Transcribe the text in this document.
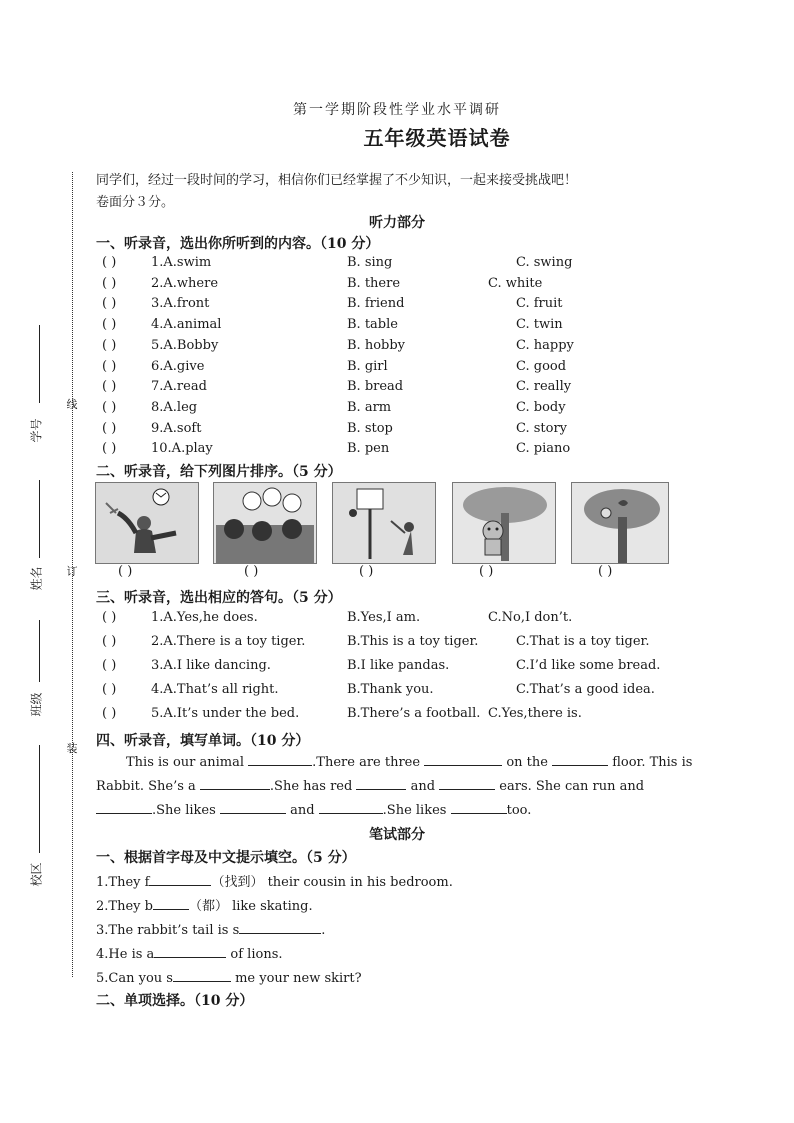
线
订
装
学号
姓名
班级
校区
第一学期阶段性学业水平调研
五年级英语试卷
同学们，经过一段时间的学习，相信你们已经掌握了不少知识，一起来接受挑战吧！
卷面分３分。
听力部分
一、听录音，选出你所听到的内容。（10 分）
( )	1.A.swim	B. sing	C. swing
( )	2.A.where	B. there	C. white
( )	3.A.front	B. friend	C. fruit
( )	4.A.animal	B. table	C. twin
( )	5.A.Bobby	B. hobby	C. happy
( )	6.A.give	B. girl	C. good
( )	7.A.read	B. bread	C. really
( )	8.A.leg	B. arm	C. body
( )	9.A.soft	B. stop	C. story
( )	10.A.play	B. pen	C. piano
二、听录音，给下列图片排序。（5 分）
( )	( )	( )	( )	( )
三、听录音，选出相应的答句。（5 分）
( )	1.A.Yes,he does.	B.Yes,I am.	C.No,I don’t.
( )	2.A.There is a toy tiger.	B.This is a toy tiger.	C.That is a toy tiger.
( )	3.A.I like dancing.	B.I like pandas.	C.I’d like some bread.
( )	4.A.That’s all right.	B.Thank you.	C.That’s a good idea.
( )	5.A.It’s under the bed.	B.There’s a football. C.Yes,there is.
四、听录音，填写单词。（10 分）
This is our animal	.There are three	on the	floor. This is
Rabbit. She’s a	.She has red	and	ears. She can run and
.She likes	and	.She likes	too.
笔试部分
一、根据首字母及中文提示填空。（5 分）
1.They f	（找到） their cousin in his bedroom.
2.They b	（都） like skating.
3.The rabbit’s tail is s	.
4.He is a	of lions.
5.Can you s	me your new skirt?
二、单项选择。（10 分）
